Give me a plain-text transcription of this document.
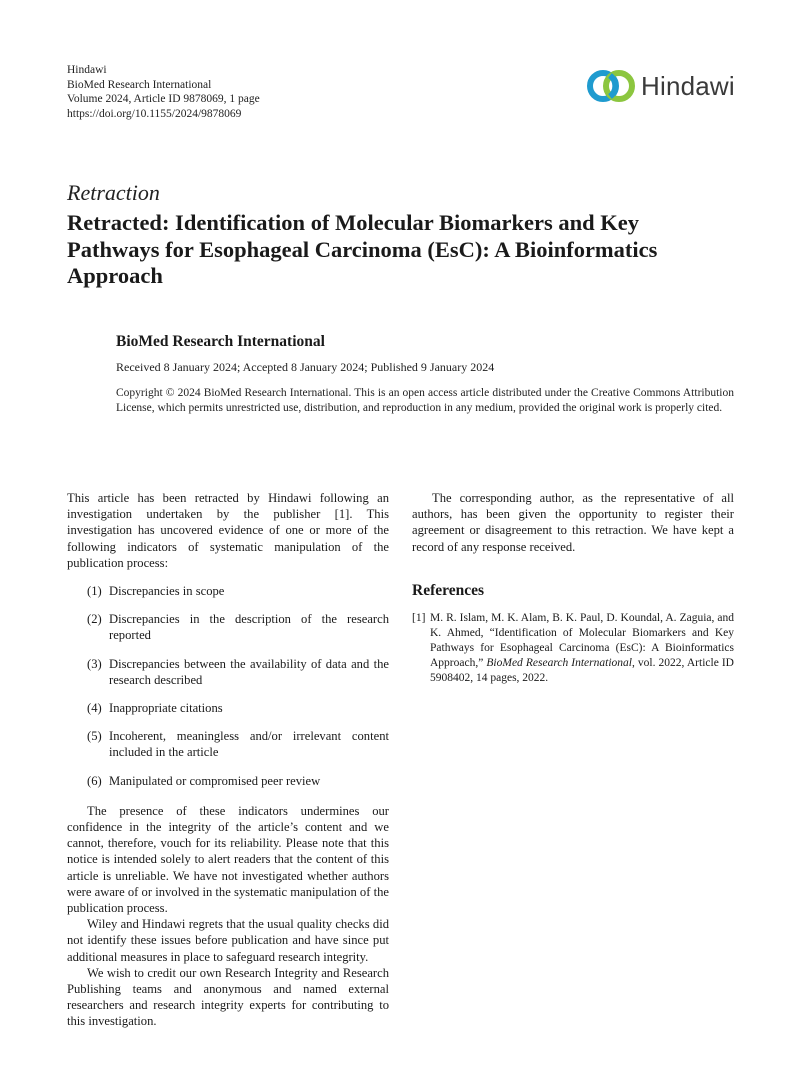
Hindawi
BioMed Research International
Volume 2024, Article ID 9878069, 1 page
https://doi.org/10.1155/2024/9878069
Hindawi
Retraction
Retracted: Identification of Molecular Biomarkers and Key Pathways for Esophageal Carcinoma (EsC): A Bioinformatics Approach
BioMed Research International
Received 8 January 2024; Accepted 8 January 2024; Published 9 January 2024

Copyright © 2024 BioMed Research International. This is an open access article distributed under the Creative Commons Attribution License, which permits unrestricted use, distribution, and reproduction in any medium, provided the original work is properly cited.

This article has been retracted by Hindawi following an investigation undertaken by the publisher [1]. This investigation has uncovered evidence of one or more of the following indicators of systematic manipulation of the publication process:

(1) Discrepancies in scope
(2) Discrepancies in the description of the research reported
(3) Discrepancies between the availability of data and the research described
(4) Inappropriate citations
(5) Incoherent, meaningless and/or irrelevant content included in the article
(6) Manipulated or compromised peer review

The presence of these indicators undermines our confidence in the integrity of the article’s content and we cannot, therefore, vouch for its reliability. Please note that this notice is intended solely to alert readers that the content of this article is unreliable. We have not investigated whether authors were aware of or involved in the systematic manipulation of the publication process.

Wiley and Hindawi regrets that the usual quality checks did not identify these issues before publication and have since put additional measures in place to safeguard research integrity.

We wish to credit our own Research Integrity and Research Publishing teams and anonymous and named external researchers and research integrity experts for contributing to this investigation.

The corresponding author, as the representative of all authors, has been given the opportunity to register their agreement or disagreement to this retraction. We have kept a record of any response received.

References
[1] M. R. Islam, M. K. Alam, B. K. Paul, D. Koundal, A. Zaguia, and K. Ahmed, “Identification of Molecular Biomarkers and Key Pathways for Esophageal Carcinoma (EsC): A Bioinformatics Approach,” BioMed Research International, vol. 2022, Article ID 5908402, 14 pages, 2022.
